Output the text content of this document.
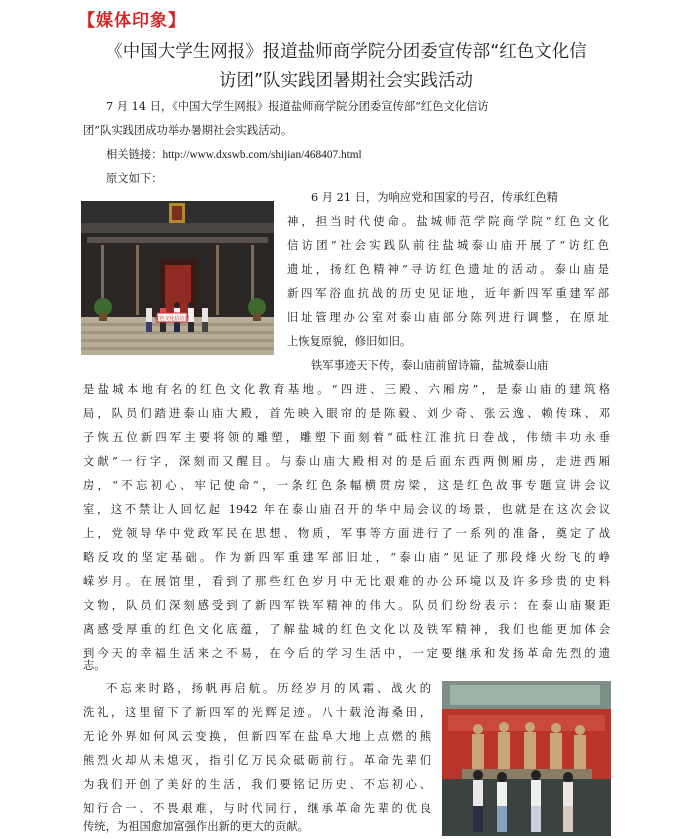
【媒体印象】
《中国大学生网报》报道盐师商学院分团委宣传部“红色文化信
访团”队实践团暑期社会实践活动
7 月 14 日，《中国大学生网报》报道盐师商学院分团委宣传部“红色文化信访
团”队实践团成功举办暑期社会实践活动。
相关链接：http://www.dxswb.com/shijian/468407.html
原文如下：
红色文化信访团
6 月 21 日，为响应党和国家的号召，传承红色精
神，担当时代使命。盐城师范学院商学院“红色文化
信访团”社会实践队前往盐城泰山庙开展了“访红色
遗址，扬红色精神”寻访红色遗址的活动。泰山庙是
新四军浴血抗战的历史见证地，近年新四军重建军部
旧址管理办公室对泰山庙部分陈列进行调整，在原址
上恢复原貌，修旧如旧。
铁军事迹天下传，泰山庙前留诗篇，盐城泰山庙
是盐城本地有名的红色文化教育基地。“四进、三殿、六厢房”，是泰山庙的建筑格
局，队员们踏进泰山庙大殿，首先映入眼帘的是陈毅、刘少奇、张云逸、赖传珠、邓
子恢五位新四军主要将领的雕塑，雕塑下面刻着“砥柱江淮抗日巻战，伟绩丰功永垂
文献”一行字，深刻而又醒目。与泰山庙大殿相对的是后面东西两侧厢房，走进西厢
房，“不忘初心、牢记使命”，一条红色条幅横贯房梁，这是红色故事专题宣讲会议
室，这不禁让人回忆起 1942 年在泰山庙召开的华中局会议的场景，也就是在这次会议
上，党领导华中党政军民在思想、物质，军事等方面进行了一系列的准备，奠定了战
略反攻的坚定基础。作为新四军重建军部旧址，“泰山庙”见证了那段烽火纷飞的峥
嵘岁月。在展馆里，看到了那些红色岁月中无比艰难的办公环境以及许多珍贵的史料
文物，队员们深刻感受到了新四军铁军精神的伟大。队员们纷纷表示：在泰山庙聚距
离感受厚重的红色文化底蕴，了解盐城的红色文化以及铁军精神，我们也能更加体会
到今天的幸福生活来之不易，在今后的学习生活中，一定要继承和发扬革命先烈的遗
志。
不忘来时路，扬帆再启航。历经岁月的风霜、战火的
洗礼，这里留下了新四军的光辉足迹。八十载沧海桑田，
无论外界如何风云变换，但新四军在盐阜大地上点燃的熊
熊烈火却从未熄灭，指引亿万民众砥砺前行。革命先辈们
为我们开创了美好的生活，我们要铭记历史、不忘初心、
知行合一、不畏艰难，与时代同行，继承革命先辈的优良
传统，为祖国愈加富强作出新的更大的贡献。
